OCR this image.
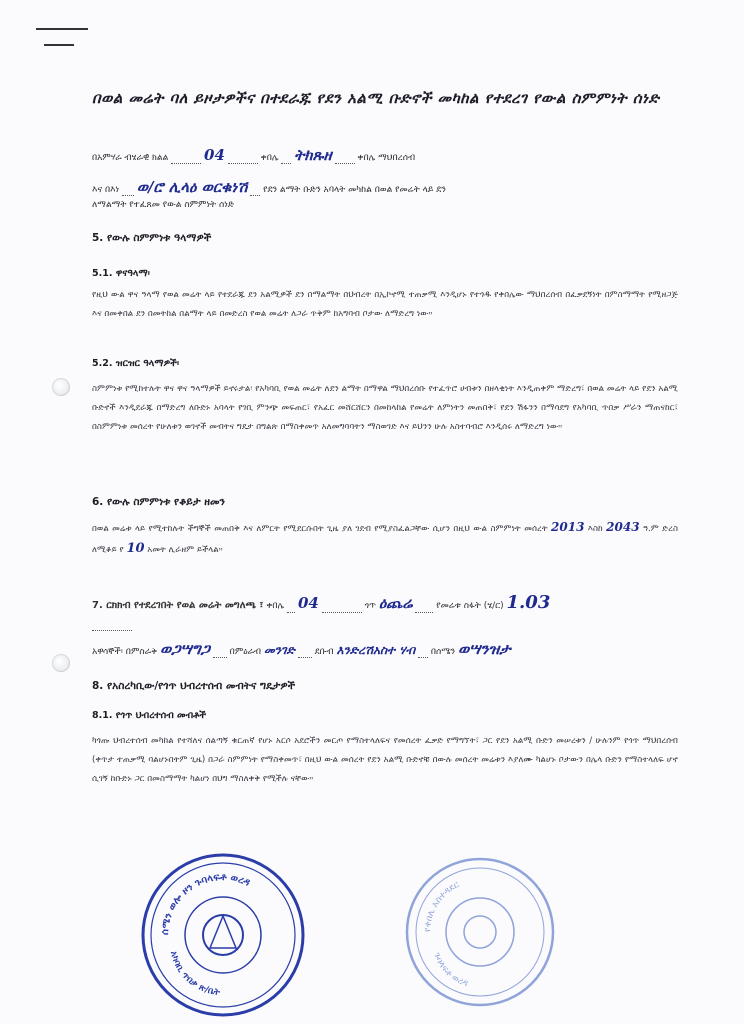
በወል መሬት ባለ ይዞታዎችና በተደራጁ የደን አልሚ ቡድኖች መካከል የተደረገ የውል ስምምነት ሰነድ
በአምሃራ ብሄራዊ ክልል 04	ቀበሌ ትክጹዘ	ቀበሌ ማህበረሰብ
እና በእነ ወ/ሮ ሊላዕ ወርቁነሽ የደን ልማት ቡድን አባላት መካከል በወል የመሬት ላይ ደን
ለማልማት የተፈጸመ የውል ስምምነት ሰነድ
5. የውሉ ስምምነቱ ዓላማዎች
5.1. ዋናዓላማ፡
የዚህ ውል ዋና ዓላማ የወል መሬት ላይ የተደራጁ ደን አልሚዎች ደን በማልማት በህብረት በኢኮኖሚ ተጠቃሚ እንዲሆኑ የተጎዱ የቀበሌው ማህበረሰብ በፈቃደኝነት በምስማማት የሚዘጋጅ እና በመቀበል ደን በመትከል በልማት ላይ በመድረስ የወል መሬት ለጋራ ጥቅም ከአግባብ ቦታው ለማድረግ ነው።
5.2. ዝርዝር ዓላማዎች፡
ስምምነቱ የሚከተሉት ዋና ዋና ዓላማዎች ይኖሩታል፡ የአካባቢ የወል መሬት ለደን ልማት በማዋል ማህበረሰቡ የተፈጥሮ ሀብቱን በዘላቂነት እንዲጠቀም ማድረግ፣ በወል መሬት ላይ የደን አልሚ ቡድኖች እንዲደራጁ በማድረግ ለቡድኑ አባላት የገቢ ምንጭ መፍጠር፣ የአፈር መሸርሸርን በመከላከል የመሬት ለምነትን መጠበቅ፣ የደን ሽፋንን በማሳደግ የአካባቢ ጥበቃ ሥራን ማጠናከር፣ በስምምነቱ መሰረት የሁለቱን ወገኖች መብትና ግዴታ በግልጽ በማስቀመጥ አለመግባባትን ማስወገድ እና ይህንን ሁሉ አስተባብሮ እንዲሰሩ ለማድረግ ነው።
6. የውሉ ስምምነቱ የቆይታ ዘመን
በወል መሬቱ ላይ የሚተከሉት ችግኞች መጠበቅ እና ለምርት የሚደርሱበት ጊዜ ያለ ገደብ የሚያስፈልጋቸው ሲሆን በዚህ ውል ስምምነት መሰረት 2013 እስከ 2043 ዓ.ም ድረስ ለሚቆይ የ 10 አመት ሊራዘም ይችላል።
7. ርክክብ የተደረገበት የወል መሬት መግለጫ ፣ ቀበሌ 04	ጎጥ ዕጨሬ	የመሬቱ ስፋት (ሄ/ር) 1.03
አዋሳኞች፡ በምስራቅ ወጋሣግጋ በምዕራብ መንገድ ደቡብ እንድረሽአስተ ሃብ በሰሜን ወሣንዝታ
8. የአስረካቢው/የጎጥ ህብረተሰብ መብትና ግዴታዎች
8.1. የጎጥ ህብረተሰብ መብቶች
ካጎጡ ህብረተሰብ መካከል የተሻለና ሰልጣኝ ቁርጠኛ የሆኑ አርሶ አደሮችን መርጦ የማስተላለፍና የመሰረት ፈቃድ የማግኘት፣ ጋር የደን አልሚ ቡድን መሠረቱን / ሁሉንም የጎጥ ማህበረሰብ (ቀጥታ ተጠቃሚ ባልሆኑበትም ጊዜ) በጋራ ስምምነት የማስቀመጥ፣ በዚህ ውል መሰረት የደን አልሚ ቡድኖቹ በውሉ መሰረት መሬቱን እያለሙ ካልሆኑ ቦታውን በሌላ ቡድን የማስተላለፍ ሆኖ ሲገኝ ከቡድኑ ጋር በመስማማት ካልሆነ በህግ ማስለቀቅ የሚችሉ ናቸው።
ሰሜን ወሎ ዞን ጉባላፍቶ ወረዳ
አካባቢ ጥበቃ ጽ/ቤት
የቀበሌ አስተዳደር
ጉባላፍቶ ወረዳ
